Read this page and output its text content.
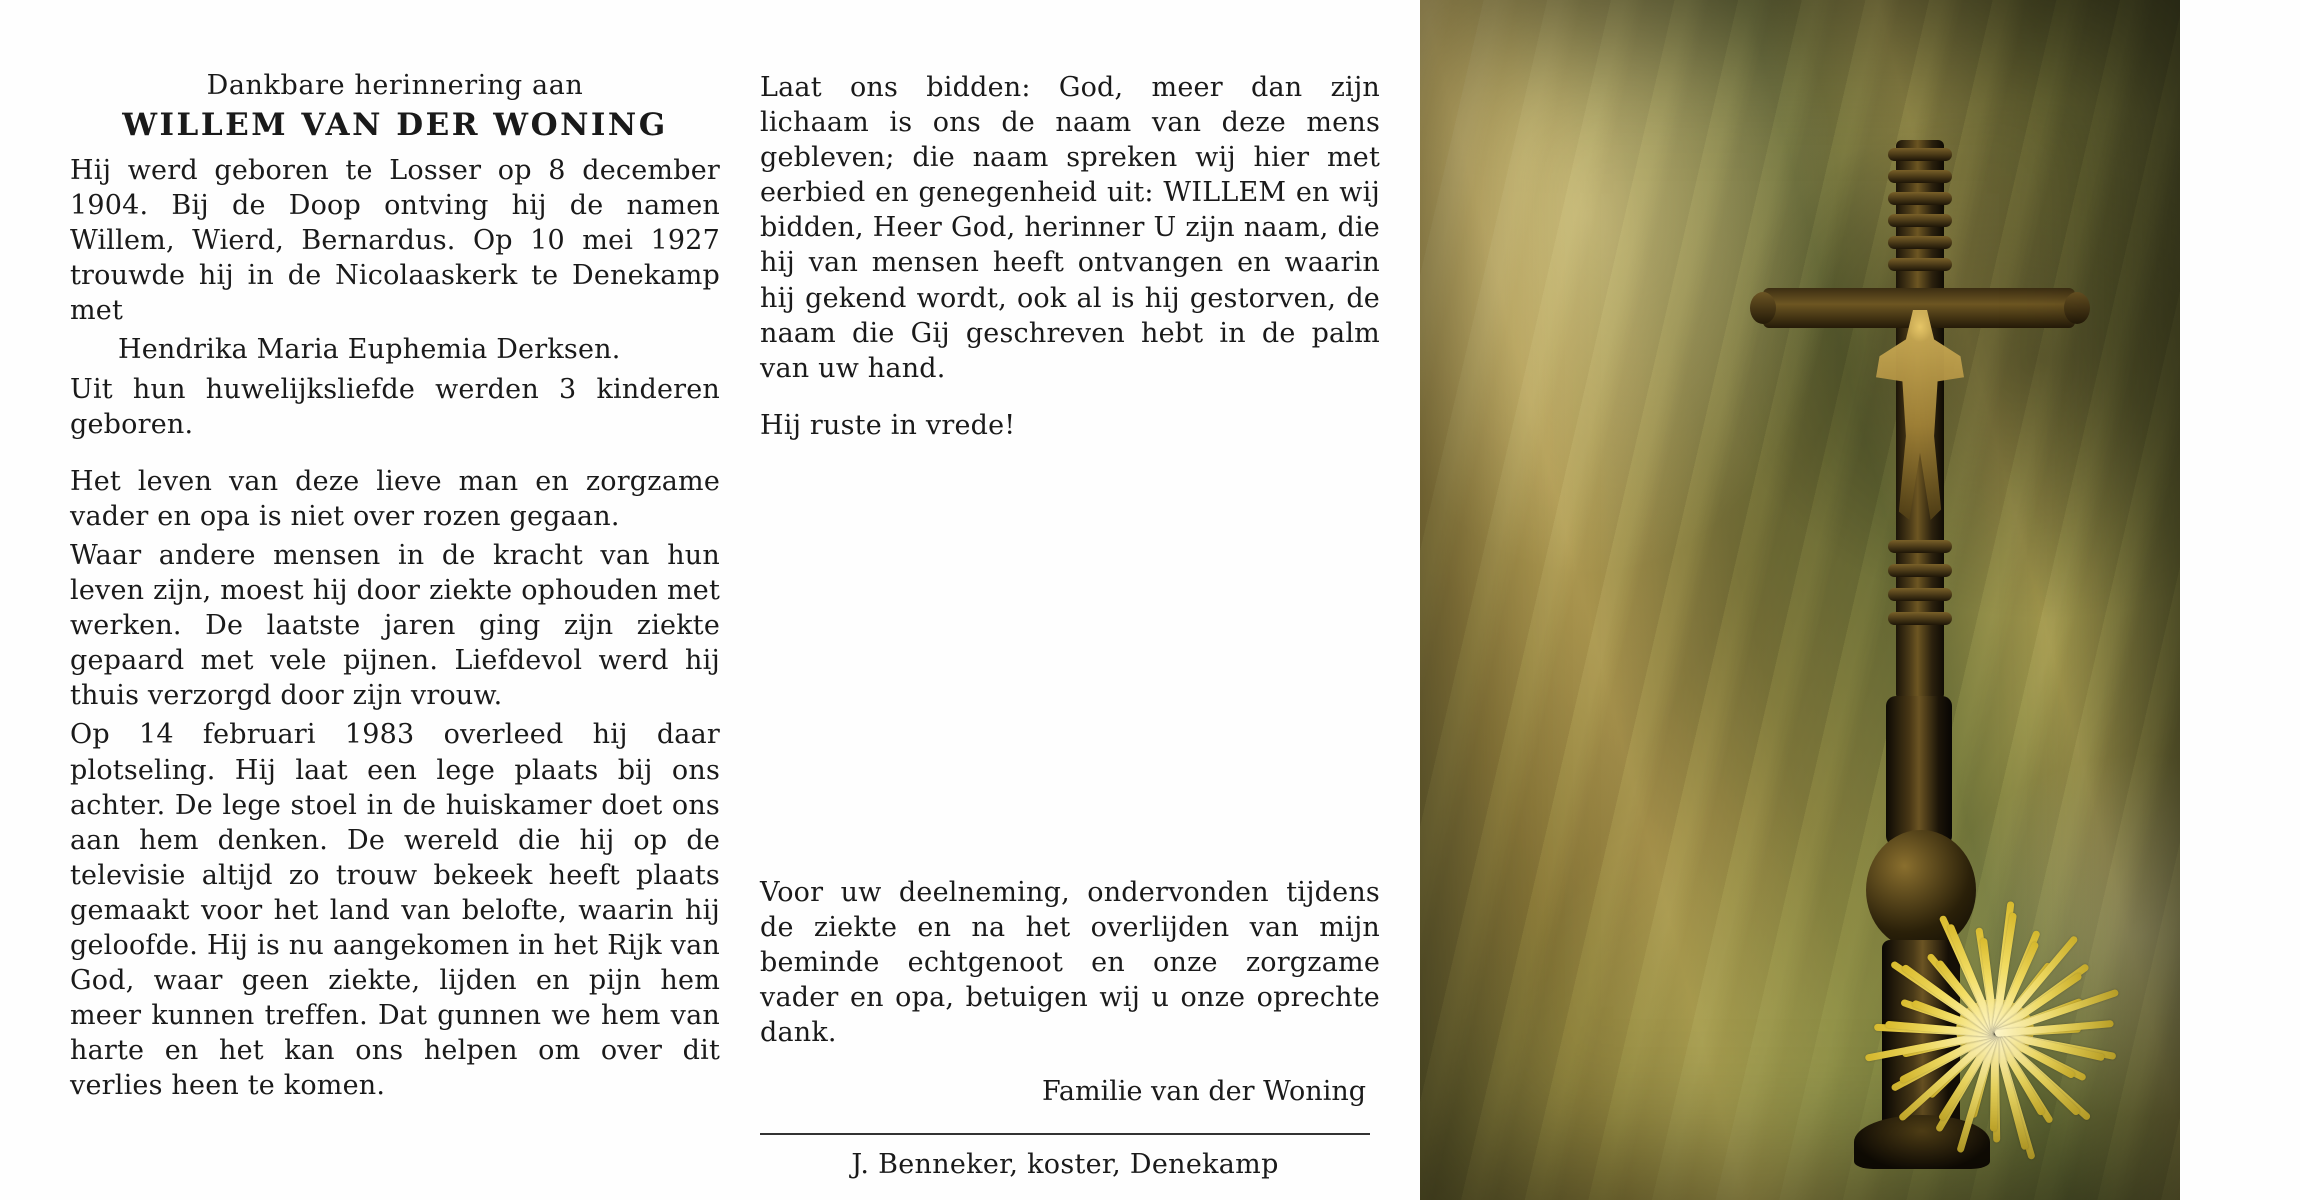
Dankbare herinnering aan
WILLEM VAN DER WONING

Hij werd geboren te Losser op 8 december 1904. Bij de Doop ontving hij de namen Willem, Wierd, Bernardus. Op 10 mei 1927 trouwde hij in de Nicolaaskerk te Denekamp met

Hendrika Maria Euphemia Derksen.

Uit hun huwelijksliefde werden 3 kinderen geboren.

Het leven van deze lieve man en zorgzame vader en opa is niet over rozen gegaan.

Waar andere mensen in de kracht van hun leven zijn, moest hij door ziekte ophouden met werken. De laatste jaren ging zijn ziekte gepaard met vele pijnen. Liefdevol werd hij thuis verzorgd door zijn vrouw.

Op 14 februari 1983 overleed hij daar plotseling. Hij laat een lege plaats bij ons achter. De lege stoel in de huiskamer doet ons aan hem denken. De wereld die hij op de televisie altijd zo trouw bekeek heeft plaats gemaakt voor het land van belofte, waarin hij geloofde. Hij is nu aangekomen in het Rijk van God, waar geen ziekte, lijden en pijn hem meer kunnen treffen. Dat gunnen we hem van harte en het kan ons helpen om over dit verlies heen te komen.

Laat ons bidden: God, meer dan zijn lichaam is ons de naam van deze mens gebleven; die naam spreken wij hier met eerbied en genegenheid uit: WILLEM en wij bidden, Heer God, herinner U zijn naam, die hij van mensen heeft ontvangen en waarin hij gekend wordt, ook al is hij gestorven, de naam die Gij geschreven hebt in de palm van uw hand.

Hij ruste in vrede!

Voor uw deelneming, ondervonden tijdens de ziekte en na het overlijden van mijn beminde echtgenoot en onze zorgzame vader en opa, betuigen wij u onze oprechte dank.

Familie van der Woning
J. Benneker, koster, Denekamp
